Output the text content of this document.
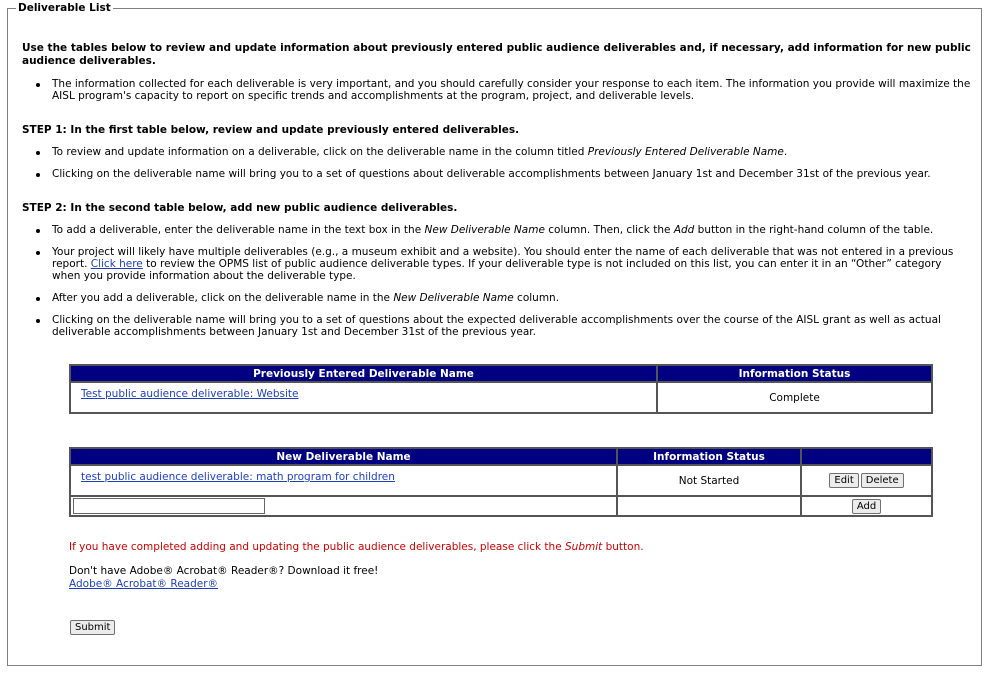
Deliverable List
Use the tables below to review and update information about previously entered public audience deliverables and, if necessary, add information for new public audience deliverables.
The information collected for each deliverable is very important, and you should carefully consider your response to each item. The information you provide will maximize the AISL program's capacity to report on specific trends and accomplishments at the program, project, and deliverable levels.
STEP 1: In the first table below, review and update previously entered deliverables.
To review and update information on a deliverable, click on the deliverable name in the column titled Previously Entered Deliverable Name.
Clicking on the deliverable name will bring you to a set of questions about deliverable accomplishments between January 1st and December 31st of the previous year.
STEP 2: In the second table below, add new public audience deliverables.
To add a deliverable, enter the deliverable name in the text box in the New Deliverable Name column. Then, click the Add button in the right-hand column of the table.
Your project will likely have multiple deliverables (e.g., a museum exhibit and a website). You should enter the name of each deliverable that was not entered in a previous report. Click here to review the OPMS list of public audience deliverable types. If your deliverable type is not included on this list, you can enter it in an “Other” category when you provide information about the deliverable type.
After you add a deliverable, click on the deliverable name in the New Deliverable Name column.
Clicking on the deliverable name will bring you to a set of questions about the expected deliverable accomplishments over the course of the AISL grant as well as actual deliverable accomplishments between January 1st and December 31st of the previous year.
Previously Entered Deliverable Name	Information Status
Test public audience deliverable: Website	Complete
New Deliverable Name	Information Status	
test public audience deliverable: math program for children	Not Started	Edit Delete
		Add
If you have completed adding and updating the public audience deliverables, please click the Submit button.
Don't have Adobe® Acrobat® Reader®? Download it free!
Adobe® Acrobat® Reader®
Submit
